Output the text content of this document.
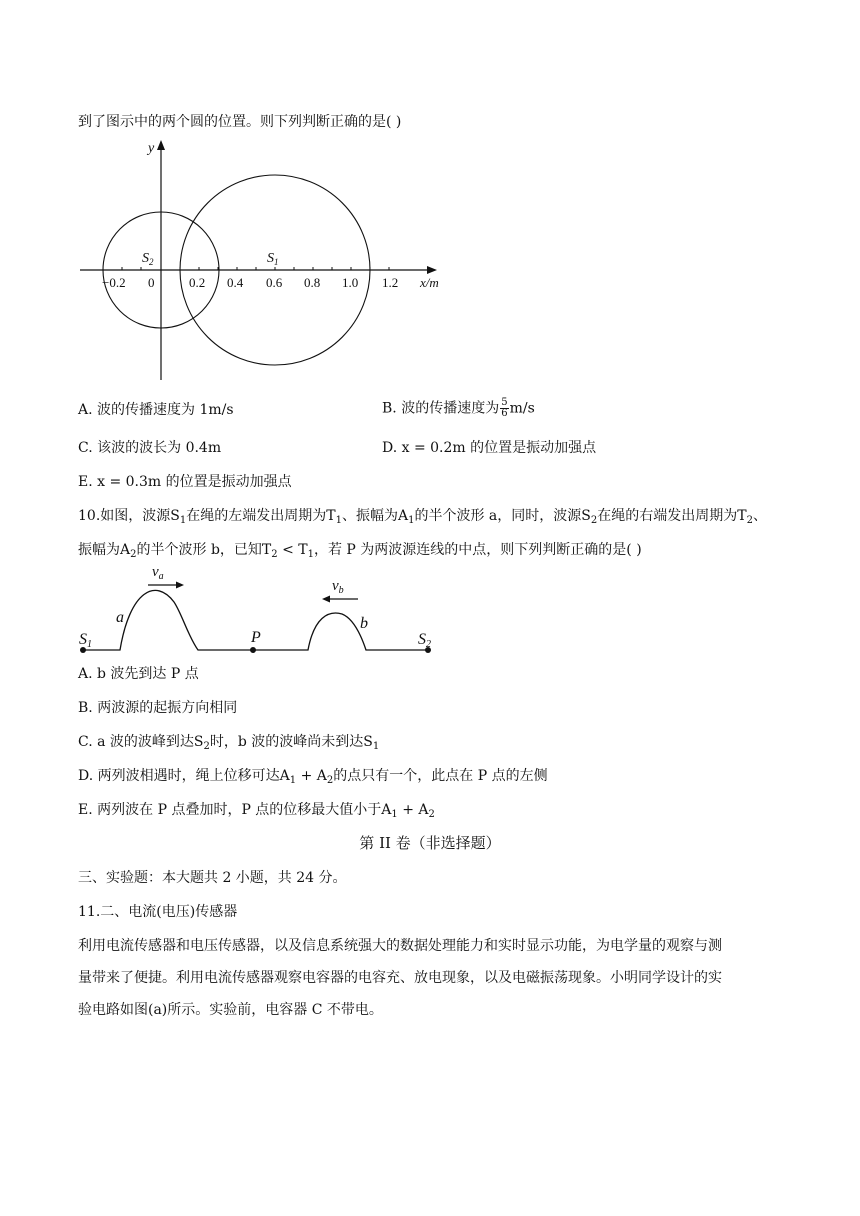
到了图示中的两个圆的位置。则下列判断正确的是( )
y
x/m
−0.2 0	0.2 0.4 0.6 0.8 1.0 1.2
$S_2$	$S_1$
A. 波的传播速度为 1m/s	B. 波的传播速度为 $\frac{5}{6} m/s$
C. 该波的波长为 0.4m	D. x = 0.2m 的位置是振动加强点
E. x = 0.3m 的位置是振动加强点
10.如图，波源$S_1$在绳的左端发出周期为$T_1$、振幅为$A_1$的半个波形 a，同时，波源$S_2$在绳的右端发出周期为$T_2$、
振幅为$A_2$的半个波形 b，已知$T_2 < T_1$，若 P 为两波源连线的中点，则下列判断正确的是( )
S1	P	S2
a	b
$v_a$
$v_b$
A. b 波先到达 P 点
B. 两波源的起振方向相同
C. a 波的波峰到达$S_2$时，b 波的波峰尚未到达$S_1$
D. 两列波相遇时，绳上位移可达$A_1 + A_2$的点只有一个，此点在 P 点的左侧
E. 两列波在 P 点叠加时，P 点的位移最大值小于$A_1 + A_2$
第 II 卷（非选择题）
三、实验题：本大题共 2 小题，共 24 分。
11.二、电流(电压)传感器
利用电流传感器和电压传感器，以及信息系统强大的数据处理能力和实时显示功能，为电学量的观察与测
量带来了便捷。利用电流传感器观察电容器的电容充、放电现象，以及电磁振荡现象。小明同学设计的实
验电路如图(a)所示。实验前，电容器 C 不带电。
